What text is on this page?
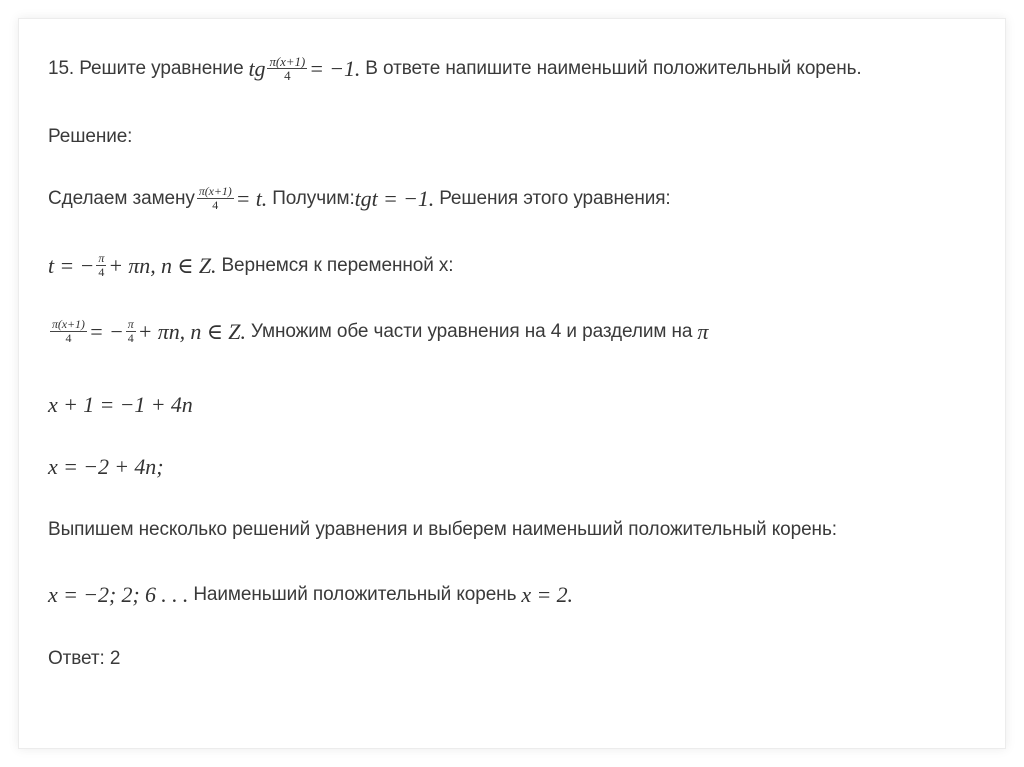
15. Решите уравнение tg $\frac{\pi(x+1)}{4} = -1$. В ответе напишите наименьший положительный корень.
Решение:
Сделаем замену $\frac{\pi(x+1)}{4} = t$. Получим: tgt = −1. Решения этого уравнения:
t = − $\frac{\pi}{4} + \pi n$, n ∈ Z. Вернемся к переменной x:
$\frac{\pi(x+1)}{4}$ = − $\frac{\pi}{4} + \pi n$, n ∈ Z. Умножим обе части уравнения на 4 и разделим на π
x + 1 = −1 + 4n
x = −2 + 4n;
Выпишем несколько решений уравнения и выберем наименьший положительный корень:
x = −2; 2; 6 . . . Наименьший положительный корень x = 2.
Ответ: 2
